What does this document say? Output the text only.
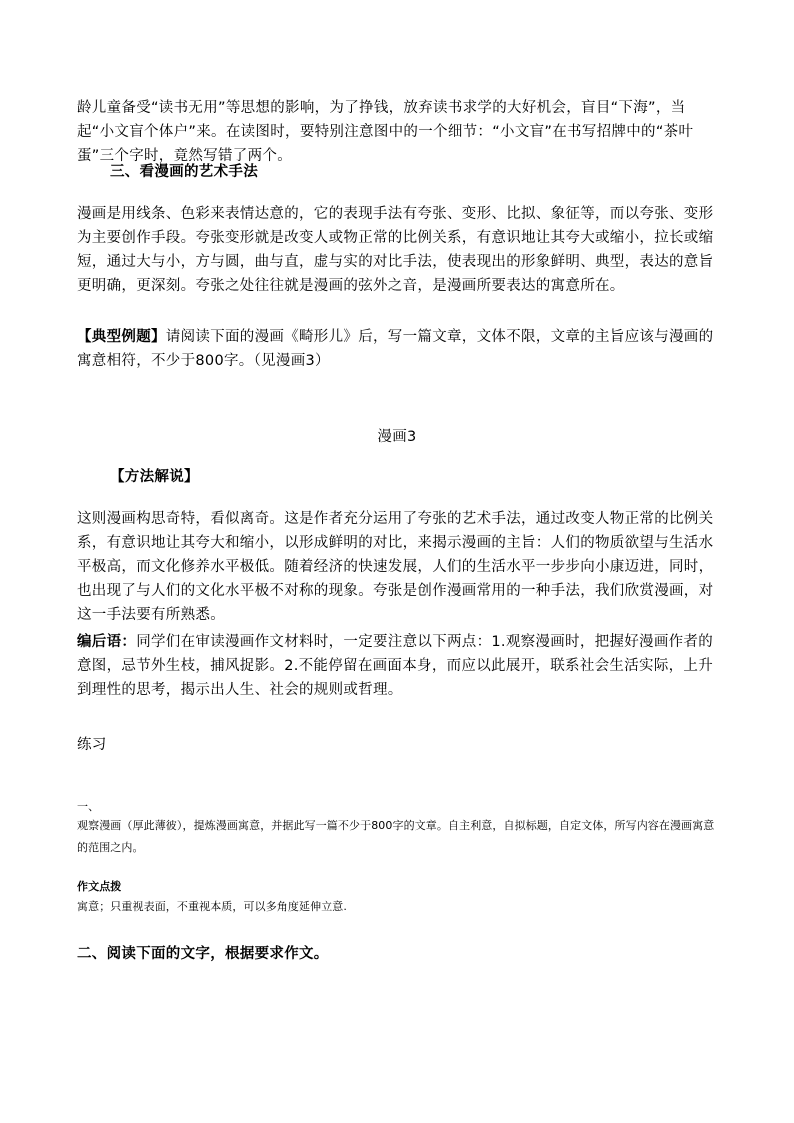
龄儿童备受“读书无用”等思想的影响，为了挣钱，放弃读书求学的大好机会，盲目“下海”，当起“小文盲个体户”来。在读图时，要特别注意图中的一个细节：“小文盲”在书写招牌中的“茶叶蛋”三个字时，竟然写错了两个。
三、看漫画的艺术手法
漫画是用线条、色彩来表情达意的，它的表现手法有夸张、变形、比拟、象征等，而以夸张、变形为主要创作手段。夸张变形就是改变人或物正常的比例关系，有意识地让其夸大或缩小，拉长或缩短，通过大与小，方与圆，曲与直，虚与实的对比手法，使表现出的形象鲜明、典型，表达的意旨更明确，更深刻。夸张之处往往就是漫画的弦外之音，是漫画所要表达的寓意所在。
【典型例题】请阅读下面的漫画《畸形儿》后，写一篇文章，文体不限，文章的主旨应该与漫画的寓意相符，不少于800字。（见漫画3）
漫画3
【方法解说】
这则漫画构思奇特，看似离奇。这是作者充分运用了夸张的艺术手法，通过改变人物正常的比例关系，有意识地让其夸大和缩小，以形成鲜明的对比，来揭示漫画的主旨：人们的物质欲望与生活水平极高，而文化修养水平极低。随着经济的快速发展，人们的生活水平一步步向小康迈进，同时，也出现了与人们的文化水平极不对称的现象。夸张是创作漫画常用的一种手法，我们欣赏漫画，对这一手法要有所熟悉。
编后语：同学们在审读漫画作文材料时，一定要注意以下两点：1.观察漫画时，把握好漫画作者的意图，忌节外生枝，捕风捉影。2.不能停留在画面本身，而应以此展开，联系社会生活实际，上升到理性的思考，揭示出人生、社会的规则或哲理。
练习
一、
观察漫画（厚此薄彼），提炼漫画寓意，并据此写一篇不少于800字的文章。自主利意，自拟标题，自定文体，所写内容在漫画寓意的范围之内。
作文点拨
寓意；只重视表面，不重视本质，可以多角度延伸立意.
二、阅读下面的文字，根据要求作文。
